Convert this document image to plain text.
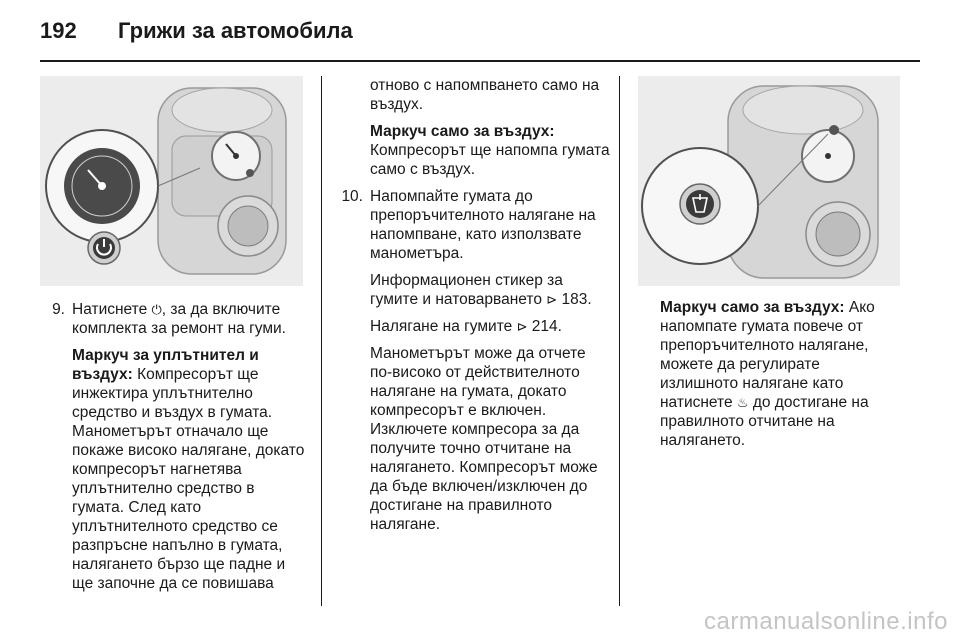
192 Грижи за автомобила
9. Натиснете ⏻, за да включите комплекта за ремонт на гуми.

Маркуч за уплътнител и въздух: Компресорът ще инжектира уплътнително средство и въздух в гумата. Манометърът отначало ще покаже високо налягане, докато компресорът нагнетява уплътнително средство в гумата. След като уплътнителното средство се разпръсне напълно в гумата, налягането бързо ще падне и ще започне да се повишава

отново с напомпването само на въздух.

Маркуч само за въздух: Компресорът ще напомпа гумата само с въздух.

10. Напомпайте гумата до препоръчителното налягане на напомпване, като използвате манометъра.

Информационен стикер за гумите и натоварването ⊳ 183.

Налягане на гумите ⊳ 214.

Манометърът може да отчете по-високо от действителното налягане на гумата, докато компресорът е включен. Изключете компресора за да получите точно отчитане на налягането. Компресорът може да бъде включен/изключен до достигане на правилното налягане.

Маркуч само за въздух: Ако напомпате гумата повече от препоръчителното налягане, можете да регулирате излишното налягане като натиснете ♨ до достигане на правилното отчитане на налягането.

carmanualsonline.info
